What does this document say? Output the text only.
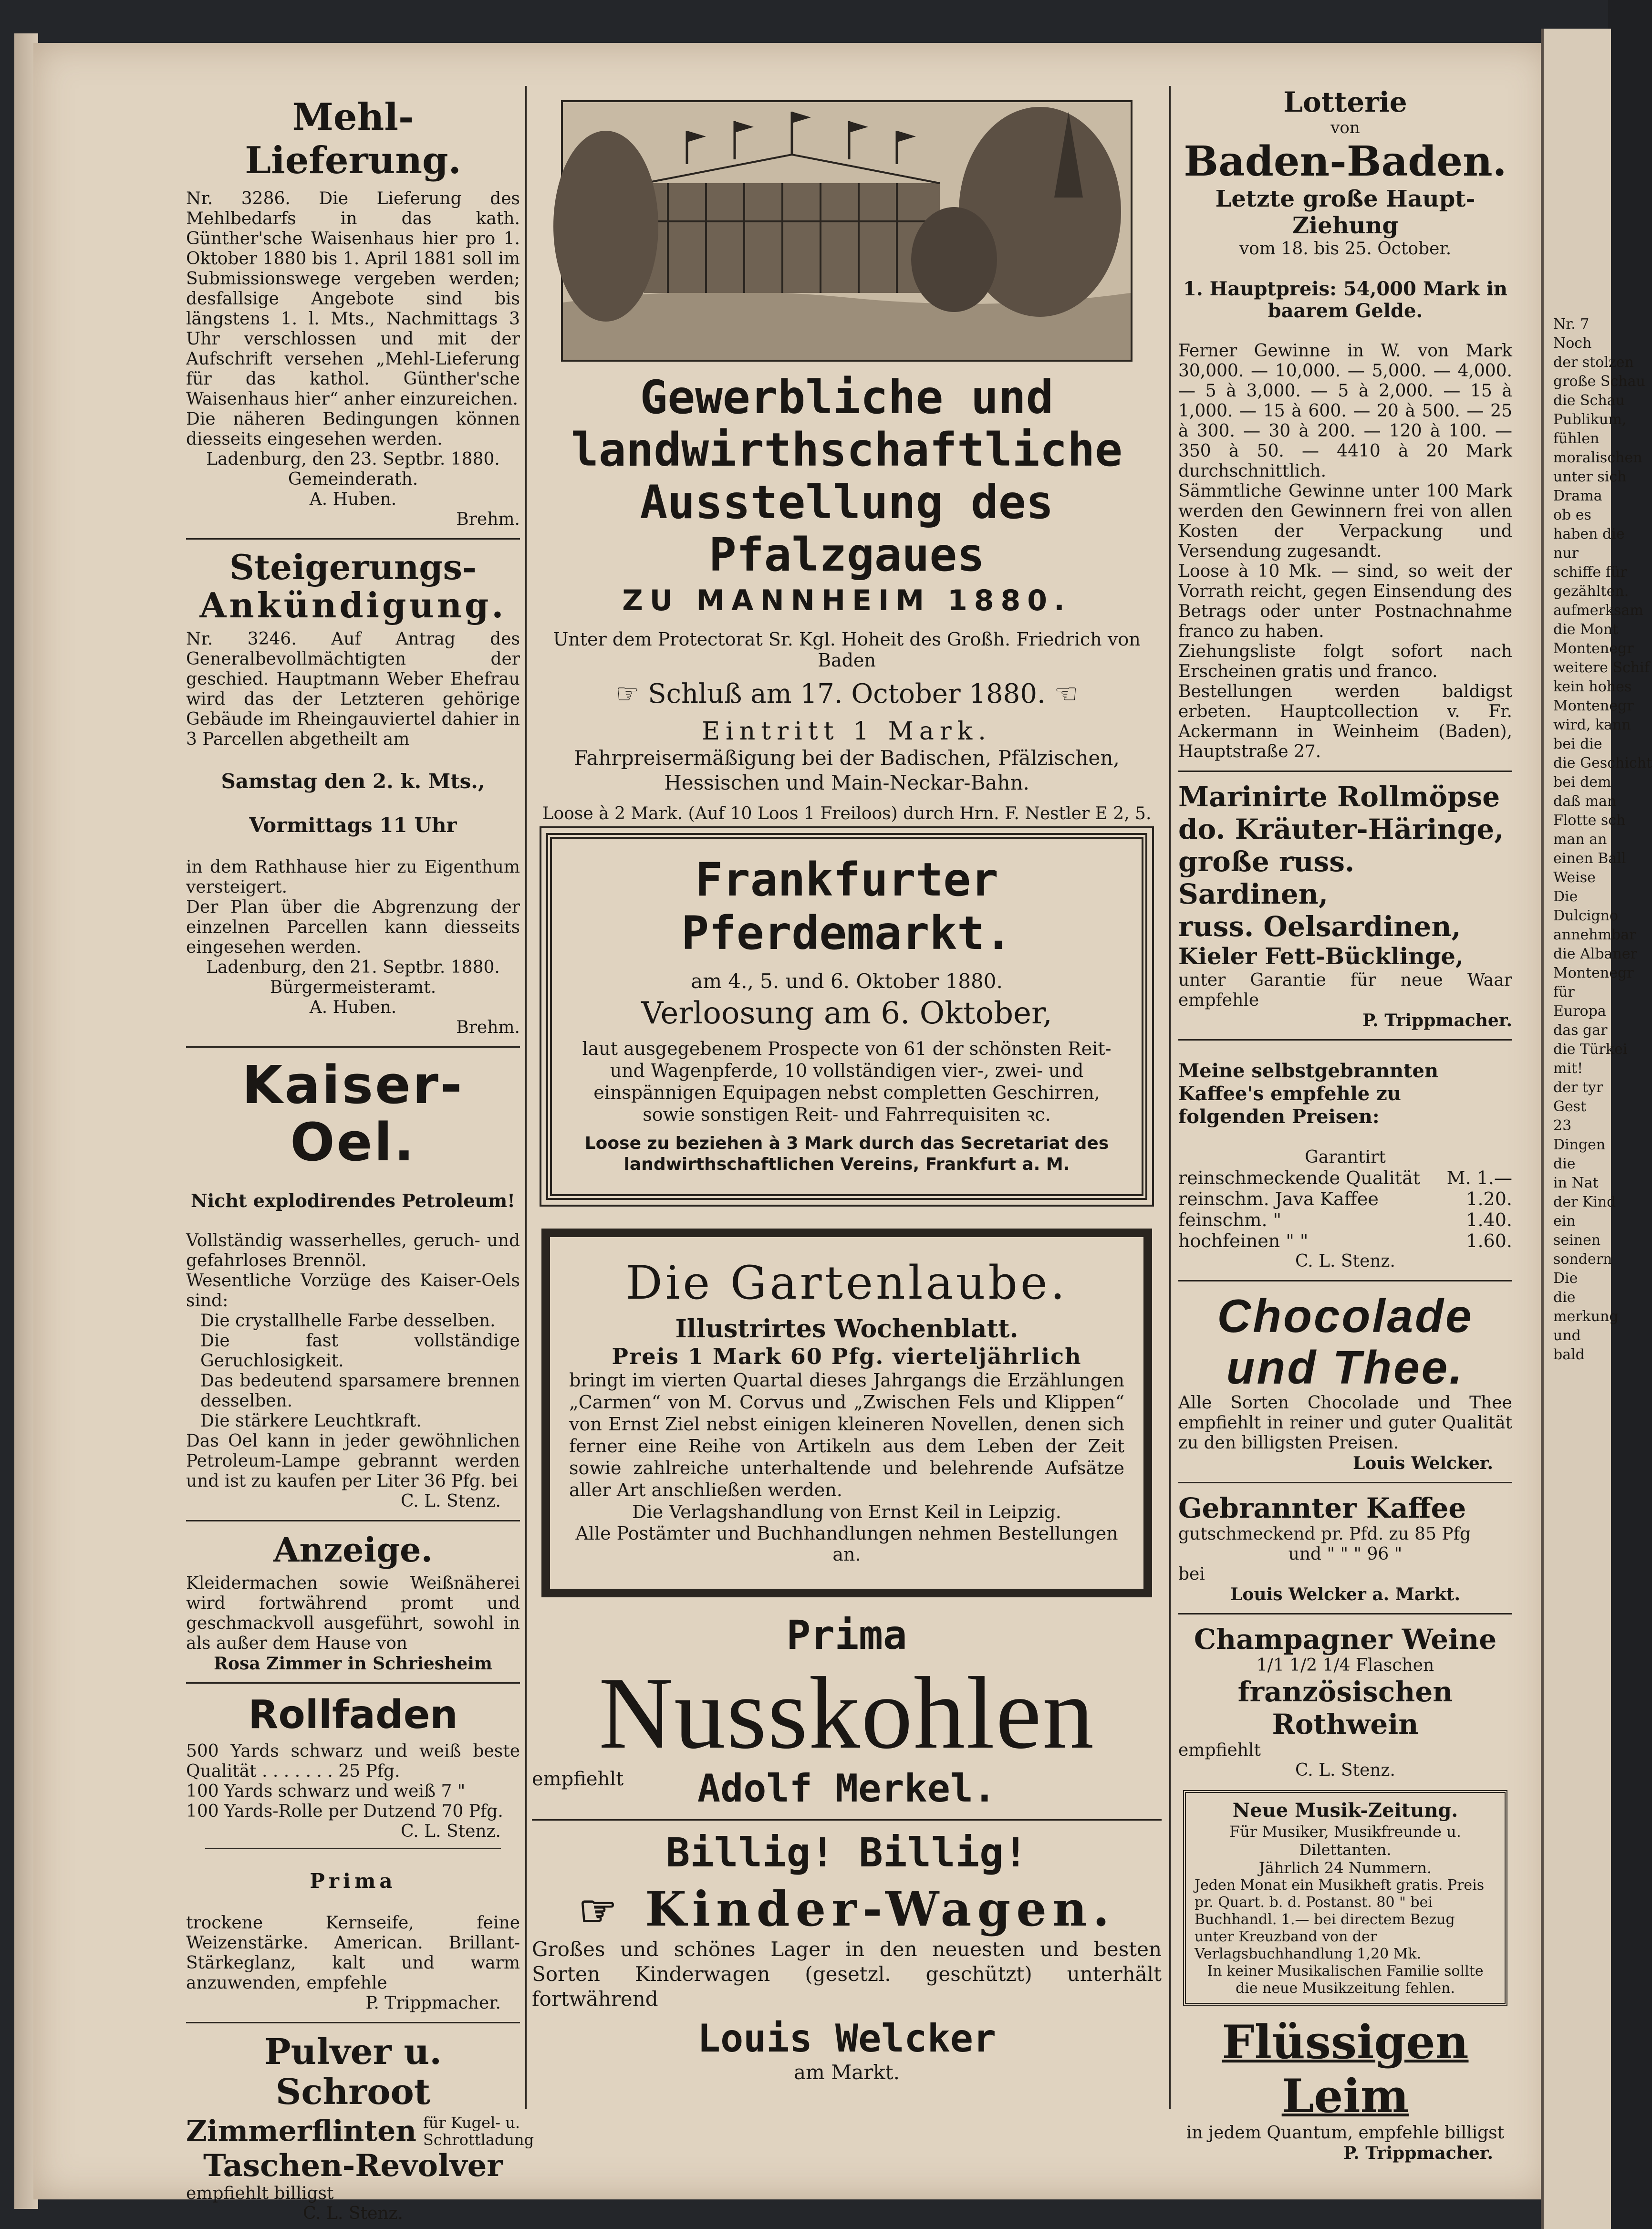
Mehl-Lieferung.

Nr. 3286. Die Lieferung des Mehlbedarfs in das kath. Günther'sche Waisenhaus hier pro 1. Oktober 1880 bis 1. April 1881 soll im Submissionswege vergeben werden; desfallsige Angebote sind bis längstens 1. l. Mts., Nachmittags 3 Uhr verschlossen und mit der Aufschrift versehen „Mehl-Lieferung für das kathol. Günther'sche Waisenhaus hier“ anher einzureichen.

Die näheren Bedingungen können diesseits eingesehen werden.

Ladenburg, den 23. Septbr. 1880.

Gemeinderath.

A. Huben.

Brehm.

Steigerungs-
Ankündigung.

Nr. 3246. Auf Antrag des Generalbevollmächtigten der geschied. Hauptmann Weber Ehefrau wird das der Letzteren gehörige Gebäude im Rheingauviertel dahier in 3 Parcellen abgetheilt am

Samstag den 2. k. Mts.,

Vormittags 11 Uhr

in dem Rathhause hier zu Eigenthum versteigert.

Der Plan über die Abgrenzung der einzelnen Parcellen kann diesseits eingesehen werden.

Ladenburg, den 21. Septbr. 1880.

Bürgermeisteramt.

A. Huben.

Brehm.

Kaiser-Oel.

Nicht explodirendes Petroleum!

Vollständig wasserhelles, geruch- und gefahrloses Brennöl.

Wesentliche Vorzüge des Kaiser-Oels sind:

Die crystallhelle Farbe desselben.

Die fast vollständige Geruchlosigkeit.

Das bedeutend sparsamere brennen desselben.

Die stärkere Leuchtkraft.

Das Oel kann in jeder gewöhnlichen Petroleum-Lampe gebrannt werden und ist zu kaufen per Liter 36 Pfg. bei

C. L. Stenz.

Anzeige.

Kleidermachen sowie Weißnäherei wird fortwährend promt und geschmackvoll ausgeführt, sowohl in als außer dem Hause von

Rosa Zimmer in Schriesheim

Rollfaden

500 Yards schwarz und weiß beste Qualität . . . . . . . 25 Pfg.

100 Yards schwarz und weiß 7 "

100 Yards-Rolle per Dutzend 70 Pfg.

C. L. Stenz.

Prima

trockene Kernseife, feine Weizenstärke. American. Brillant-Stärkeglanz, kalt und warm anzuwenden, empfehle

P. Trippmacher.

Pulver u. Schroot
Zimmerflinten für Kugel- u. Schrottladung
Taschen-Revolver

empfiehlt billigst

C. L. Stenz.

Gewerbliche und landwirthschaftliche Ausstellung des Pfalzgaues
ZU MANNHEIM 1880.
Unter dem Protectorat Sr. Kgl. Hoheit des Großh. Friedrich von Baden
☞ Schluß am 17. October 1880. ☜
Eintritt 1 Mark.
Fahrpreisermäßigung bei der Badischen, Pfälzischen, Hessischen und Main-Neckar-Bahn.
Loose à 2 Mark. (Auf 10 Loos 1 Freiloos) durch Hrn. F. Nestler E 2, 5.
Frankfurter Pferdemarkt.
am 4., 5. und 6. Oktober 1880.
Verloosung am 6. Oktober,
laut ausgegebenem Prospecte von 61 der schönsten Reit- und Wagenpferde, 10 vollständigen vier-, zwei- und einspännigen Equipagen nebst completten Geschirren, sowie sonstigen Reit- und Fahrrequisiten ꝛc.
Loose zu beziehen à 3 Mark durch das Secretariat des landwirthschaftlichen Vereins, Frankfurt a. M.
Die Gartenlaube.
Illustrirtes Wochenblatt.
Preis 1 Mark 60 Pfg. vierteljährlich
bringt im vierten Quartal dieses Jahrgangs die Erzählungen „Carmen“ von M. Corvus und „Zwischen Fels und Klippen“ von Ernst Ziel nebst einigen kleineren Novellen, denen sich ferner eine Reihe von Artikeln aus dem Leben der Zeit sowie zahlreiche unterhaltende und belehrende Aufsätze aller Art anschließen werden.
Die Verlagshandlung von Ernst Keil in Leipzig.
Alle Postämter und Buchhandlungen nehmen Bestellungen an.
Prima
Nusskohlen
empfiehlt	Adolf Merkel.
Billig! Billig!
☞ Kinder-Wagen.
Großes und schönes Lager in den neuesten und besten Sorten Kinderwagen (gesetzl. geschützt) unterhält fortwährend
Louis Welcker
am Markt.
Lotterie
von
Baden-Baden.
Letzte große Haupt-Ziehung

vom 18. bis 25. October.

1. Hauptpreis: 54,000 Mark in baarem Gelde.

Ferner Gewinne in W. von Mark 30,000. — 10,000. — 5,000. — 4,000. — 5 à 3,000. — 5 à 2,000. — 15 à 1,000. — 15 à 600. — 20 à 500. — 25 à 300. — 30 à 200. — 120 à 100. — 350 à 50. — 4410 à 20 Mark durchschnittlich.

Sämmtliche Gewinne unter 100 Mark werden den Gewinnern frei von allen Kosten der Verpackung und Versendung zugesandt.

Loose à 10 Mk. — sind, so weit der Vorrath reicht, gegen Einsendung des Betrags oder unter Postnachnahme franco zu haben.

Ziehungsliste folgt sofort nach Erscheinen gratis und franco.

Bestellungen werden baldigst erbeten. Hauptcollection v. Fr. Ackermann in Weinheim (Baden), Hauptstraße 27.

Marinirte Rollmöpse
do. Kräuter-Häringe,
große russ. Sardinen,
russ. Oelsardinen,
Kieler Fett-Bücklinge,

unter Garantie für neue Waar empfehle

P. Trippmacher.

Meine selbstgebrannten Kaffee's empfehle zu folgenden Preisen:

Garantirt

reinschmeckende Qualität	M. 1.—
reinschm. Java Kaffee	1.20.
feinschm. "	1.40.
hochfeinen " "	1.60.

C. L. Stenz.

Chocolade
und Thee.

Alle Sorten Chocolade und Thee empfiehlt in reiner und guter Qualität zu den billigsten Preisen.

Louis Welcker.

Gebrannter Kaffee

gutschmeckend pr. Pfd. zu 85 Pfg

und " " " 96 "

bei

Louis Welcker a. Markt.

Champagner Weine

1/1 1/2 1/4 Flaschen

französischen Rothwein

empfiehlt

C. L. Stenz.

Neue Musik-Zeitung.
Für Musiker, Musikfreunde u. Dilettanten.
Jährlich 24 Nummern.
Jeden Monat ein Musikheft gratis. Preis pr. Quart. b. d. Postanst. 80 " bei Buchhandl. 1.— bei directem Bezug unter Kreuzband von der Verlagsbuchhandlung 1,20 Mk.
In keiner Musikalischen Familie sollte die neue Musikzeitung fehlen.
Flüssigen Leim

in jedem Quantum, empfehle billigst

P. Trippmacher.

Nr. 7
Noch
der stolzen
große Schau
die Schau
Publikum,
fühlen
moralischen
unter sich
Drama
ob es
haben die
nur
schiffe für
gezählten.
aufmerksam
die Mont
Montenegr
weitere Schif
kein hohes
Montenegr
wird, kann
bei die
die Geschicht
bei dem
daß man
Flotte sch
man an
einen Ball
Weise
Die
Dulcigno
annehmbar
die Albaner
Montenegr
für
Europa
das gar
die Türkei
mit!
der tyr
Gest
23
Dingen
die
in Nat
der Kind
ein
seinen
sondern
Die
die
merkung
und
bald
